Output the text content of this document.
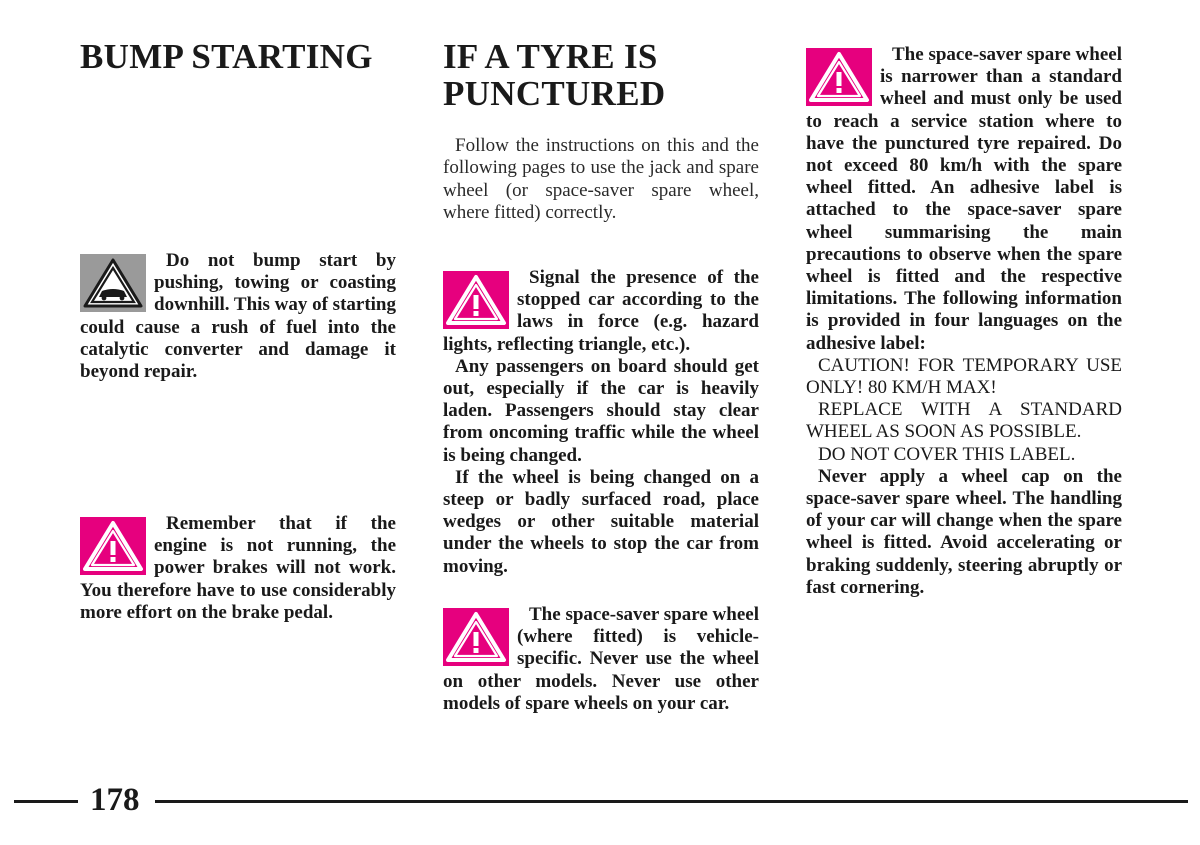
BUMP STARTING

Do not bump start by pushing, towing or coasting downhill. This way of starting could cause a rush of fuel into the catalytic converter and damage it beyond repair.

Remember that if the engine is not running, the power brakes will not work. You therefore have to use considerably more effort on the brake pedal.

IF A TYRE IS
PUNCTURED

Follow the instructions on this and the following pages to use the jack and spare wheel (or space-saver spare wheel, where fitted) correctly.

Signal the presence of the stopped car according to the laws in force (e.g. hazard lights, reflecting triangle, etc.).

Any passengers on board should get out, especially if the car is heavily laden. Passengers should stay clear from oncoming traffic while the wheel is being changed.

If the wheel is being changed on a steep or badly surfaced road, place wedges or other suitable material under the wheels to stop the car from moving.

The space-saver spare wheel (where fitted) is vehicle-specific. Never use the wheel on other models. Never use other models of spare wheels on your car.

The space-saver spare wheel is narrower than a standard wheel and must only be used to reach a service station where to have the punctured tyre repaired. Do not exceed 80 km/h with the spare wheel fitted. An adhesive label is attached to the space-saver spare wheel summarising the main precautions to observe when the spare wheel is fitted and the respective limitations. The following information is provided in four languages on the adhesive label:

CAUTION! FOR TEMPORARY USE ONLY! 80 KM/H MAX!

REPLACE WITH A STANDARD WHEEL AS SOON AS POSSIBLE.

DO NOT COVER THIS LABEL.

Never apply a wheel cap on the space-saver spare wheel. The handling of your car will change when the spare wheel is fitted. Avoid accelerating or braking suddenly, steering abruptly or fast cornering.

178
